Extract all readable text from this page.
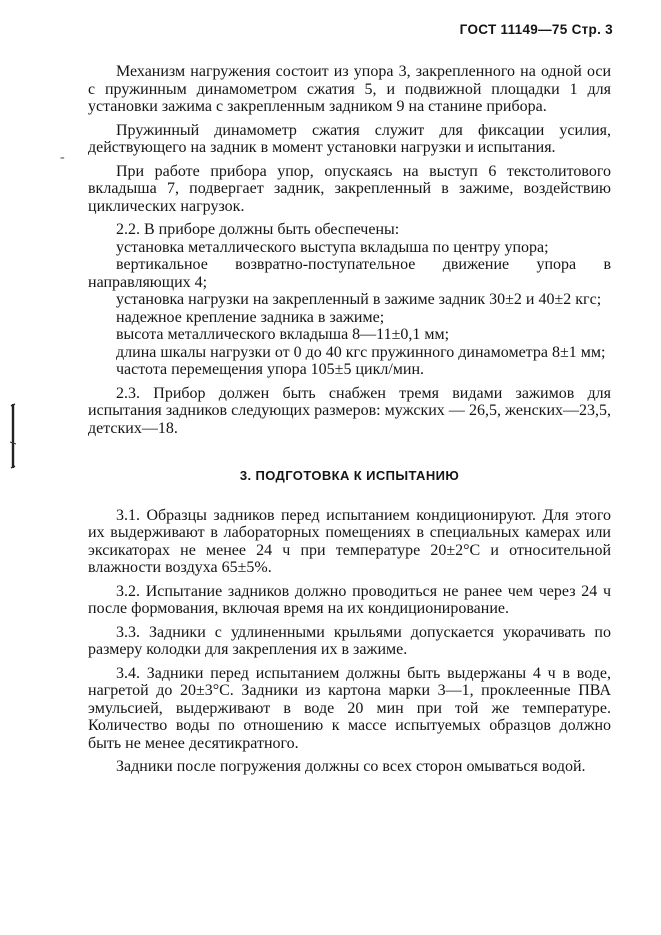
ГОСТ 11149—75 Стр. 3

Механизм нагружения состоит из упора 3, закрепленного на одной оси с пружинным динамометром сжатия 5, и подвижной площадки 1 для установки зажима с закрепленным задником 9 на станине прибора.

Пружинный динамометр сжатия служит для фиксации усилия, действующего на задник в момент установки нагрузки и испытания.

При работе прибора упор, опускаясь на выступ 6 текстолитового вкладыша 7, подвергает задник, закрепленный в зажиме, воздействию циклических нагрузок.

2.2. В приборе должны быть обеспечены:

установка металлического выступа вкладыша по центру упора;

вертикальное возвратно-поступательное движение упора в направляющих 4;

установка нагрузки на закрепленный в зажиме задник 30±2 и 40±2 кгс;

надежное крепление задника в зажиме;

высота металлического вкладыша 8—11±0,1 мм;

длина шкалы нагрузки от 0 до 40 кгс пружинного динамометра 8±1 мм;

частота перемещения упора 105±5 цикл/мин.

2.3. Прибор должен быть снабжен тремя видами зажимов для испытания задников следующих размеров: мужских — 26,5, женских—23,5, детских—18.

3. ПОДГОТОВКА К ИСПЫТАНИЮ

3.1. Образцы задников перед испытанием кондиционируют. Для этого их выдерживают в лабораторных помещениях в специальных камерах или эксикаторах не менее 24 ч при температуре 20±2°С и относительной влажности воздуха 65±5%.

3.2. Испытание задников должно проводиться не ранее чем через 24 ч после формования, включая время на их кондиционирование.

3.3. Задники с удлиненными крыльями допускается укорачивать по размеру колодки для закрепления их в зажиме.

3.4. Задники перед испытанием должны быть выдержаны 4 ч в воде, нагретой до 20±3°С. Задники из картона марки 3—1, проклеенные ПВА эмульсией, выдерживают в воде 20 мин при той же температуре. Количество воды по отношению к массе испытуемых образцов должно быть не менее десятикратного.

Задники после погружения должны со всех сторон омываться водой.

‑
